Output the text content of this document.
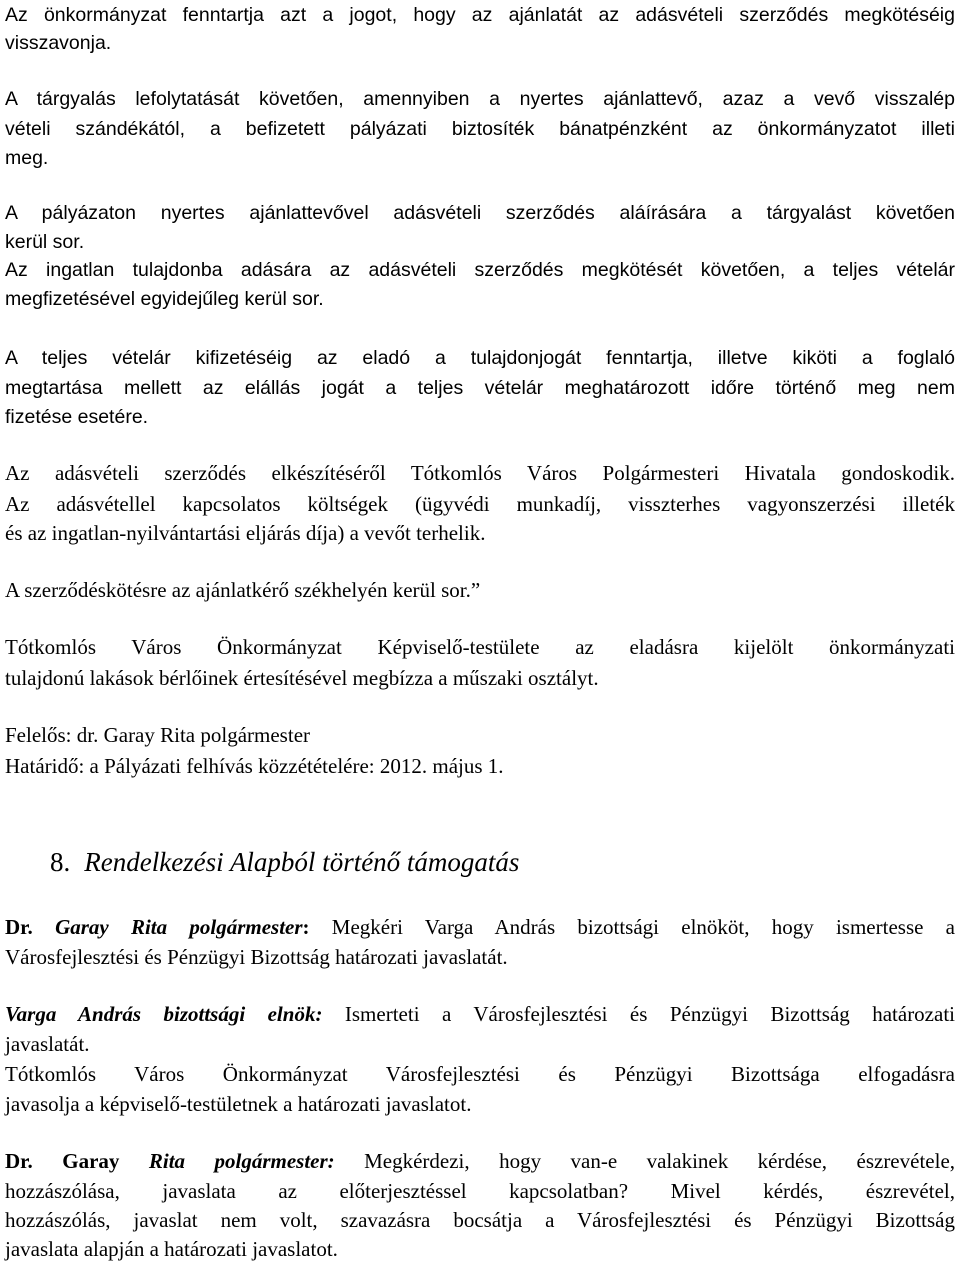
Az önkormányzat fenntartja azt a jogot, hogy az ajánlatát az adásvételi szerződés megkötéséig
visszavonja.
A tárgyalás lefolytatását követően, amennyiben a nyertes ajánlattevő, azaz a vevő visszalép
vételi szándékától, a befizetett pályázati biztosíték bánatpénzként az önkormányzatot illeti
meg.
A pályázaton nyertes ajánlattevővel adásvételi szerződés aláírására a tárgyalást követően
kerül sor.
Az ingatlan tulajdonba adására az adásvételi szerződés megkötését követően, a teljes vételár
megfizetésével egyidejűleg kerül sor.
A teljes vételár kifizetéséig az eladó a tulajdonjogát fenntartja, illetve kiköti a foglaló
megtartása mellett az elállás jogát a teljes vételár meghatározott időre történő meg nem
fizetése esetére.
Az adásvételi szerződés elkészítéséről Tótkomlós Város Polgármesteri Hivatala gondoskodik.
Az adásvétellel kapcsolatos költségek (ügyvédi munkadíj, visszterhes vagyonszerzési illeték
és az ingatlan-nyilvántartási eljárás díja) a vevőt terhelik.
A szerződéskötésre az ajánlatkérő székhelyén kerül sor.”
Tótkomlós Város Önkormányzat Képviselő-testülete az eladásra kijelölt önkormányzati
tulajdonú lakások bérlőinek értesítésével megbízza a műszaki osztályt.
Felelős: dr. Garay Rita polgármester
Határidő: a Pályázati felhívás közzétételére: 2012. május 1.
8. Rendelkezési Alapból történő támogatás
Dr. Garay Rita polgármester: Megkéri Varga András bizottsági elnököt, hogy ismertesse a
Városfejlesztési és Pénzügyi Bizottság határozati javaslatát.
Varga András bizottsági elnök: Ismerteti a Városfejlesztési és Pénzügyi Bizottság határozati
javaslatát.
Tótkomlós Város Önkormányzat Városfejlesztési és Pénzügyi Bizottsága elfogadásra
javasolja a képviselő-testületnek a határozati javaslatot.
Dr. Garay Rita polgármester: Megkérdezi, hogy van-e valakinek kérdése, észrevétele,
hozzászólása, javaslata az előterjesztéssel kapcsolatban? Mivel kérdés, észrevétel,
hozzászólás, javaslat nem volt, szavazásra bocsátja a Városfejlesztési és Pénzügyi Bizottság
javaslata alapján a határozati javaslatot.
